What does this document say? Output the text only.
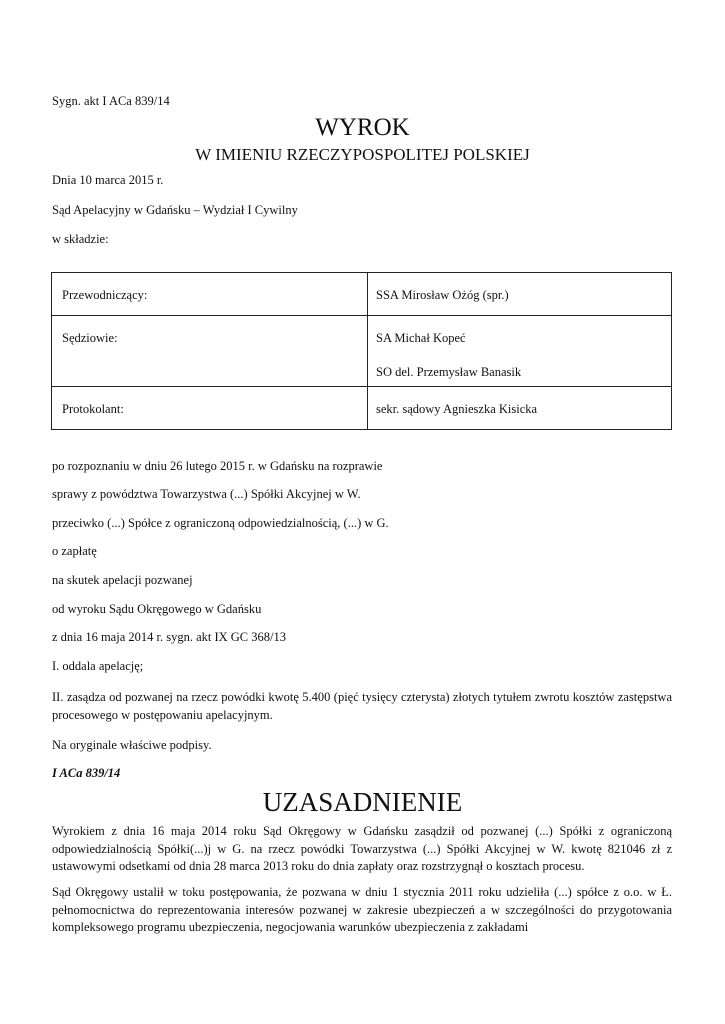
Sygn. akt I ACa 839/14
WYROK
W IMIENIU RZECZYPOSPOLITEJ POLSKIEJ
Dnia 10 marca 2015 r.
Sąd Apelacyjny w Gdańsku – Wydział I Cywilny
w składzie:
Przewodniczący:	SSA Mirosław Ożóg (spr.)

Sędziowie:	SA Michał Kopeć
SO del. Przemysław Banasik

Protokolant:	sekr. sądowy Agnieszka Kisicka
po rozpoznaniu w dniu 26 lutego 2015 r. w Gdańsku na rozprawie
sprawy z powództwa Towarzystwa (...) Spółki Akcyjnej w W.
przeciwko (...) Spółce z ograniczoną odpowiedzialnością, (...) w G.
o zapłatę
na skutek apelacji pozwanej
od wyroku Sądu Okręgowego w Gdańsku
z dnia 16 maja 2014 r. sygn. akt IX GC 368/13
I. oddala apelację;
II. zasądza od pozwanej na rzecz powódki kwotę 5.400 (pięć tysięcy czterysta) złotych tytułem zwrotu kosztów zastępstwa procesowego w postępowaniu apelacyjnym.
Na oryginale właściwe podpisy.
I ACa 839/14
UZASADNIENIE
Wyrokiem z dnia 16 maja 2014 roku Sąd Okręgowy w Gdańsku zasądził od pozwanej (...) Spółki z ograniczoną odpowiedzialnością Spółki(...)j w G. na rzecz powódki Towarzystwa (...) Spółki Akcyjnej w W. kwotę 821046 zł z ustawowymi odsetkami od dnia 28 marca 2013 roku do dnia zapłaty oraz rozstrzygnął o kosztach procesu.
Sąd Okręgowy ustalił w toku postępowania, że pozwana w dniu 1 stycznia 2011 roku udzieliła (...) spółce z o.o. w Ł. pełnomocnictwa do reprezentowania interesów pozwanej w zakresie ubezpieczeń a w szczególności do przygotowania kompleksowego programu ubezpieczenia, negocjowania warunków ubezpieczenia z zakładami
